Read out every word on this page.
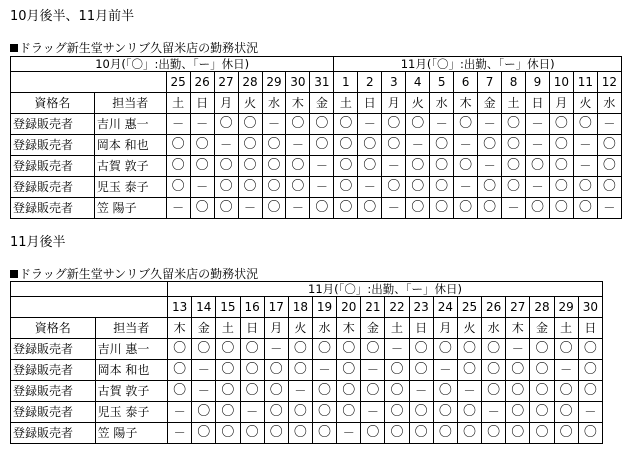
10月後半、11月前半
ドラッグ新生堂サンリブ久留米店の勤務状況
10月(「〇」:出勤、「ー」休日)									11月(「〇」:出勤、「ー」休日)											
		25	26	27	28	29	30	31	1	2	3	4	5	6	7	8	9	10	11	12
資格名	担当者	土	日	月	火	水	木	金	土	日	月	火	水	木	金	土	日	月	火	水
登録販売者	吉川 惠一	－	－	〇	〇	－	〇	〇	〇	－	〇	〇	－	〇	－	〇	－	〇	〇	－
登録販売者	岡本 和也	〇	〇	－	〇	〇	－	〇	〇	〇	〇	－	〇	－	〇	〇	－	〇	－	〇
登録販売者	古賀 敦子	〇	〇	〇	〇	〇	〇	－	〇	〇	－	〇	〇	〇	－	〇	〇	〇	－	〇
登録販売者	児玉 泰子	〇	－	〇	〇	〇	〇	－	〇	－	〇	〇	〇	－	〇	〇	－	〇	〇	〇
登録販売者	笠 陽子	－	〇	〇	－	〇	－	〇	〇	〇	－	〇	〇	〇	〇	－	〇	〇	〇	－
11月後半
ドラッグ新生堂サンリブ久留米店の勤務状況
		11月(「〇」:出勤、「ー」休日)																	
		13	14	15	16	17	18	19	20	21	22	23	24	25	26	27	28	29	30
資格名	担当者	木	金	土	日	月	火	水	木	金	土	日	月	火	水	木	金	土	日
登録販売者	吉川 惠一	〇	〇	〇	〇	－	〇	〇	〇	〇	－	〇	〇	〇	〇	－	〇	〇	〇
登録販売者	岡本 和也	〇	－	〇	〇	〇	〇	－	〇	－	〇	〇	－	〇	〇	〇	〇	－	〇
登録販売者	古賀 敦子	〇	－	〇	〇	〇	－	〇	〇	〇	〇	－	〇	－	〇	〇	〇	〇	〇
登録販売者	児玉 泰子	－	〇	〇	－	〇	〇	〇	〇	－	〇	〇	〇	〇	－	〇	〇	〇	－
登録販売者	笠 陽子	－	〇	〇	〇	〇	〇	〇	－	〇	〇	〇	〇	〇	〇	〇	〇	〇	〇
